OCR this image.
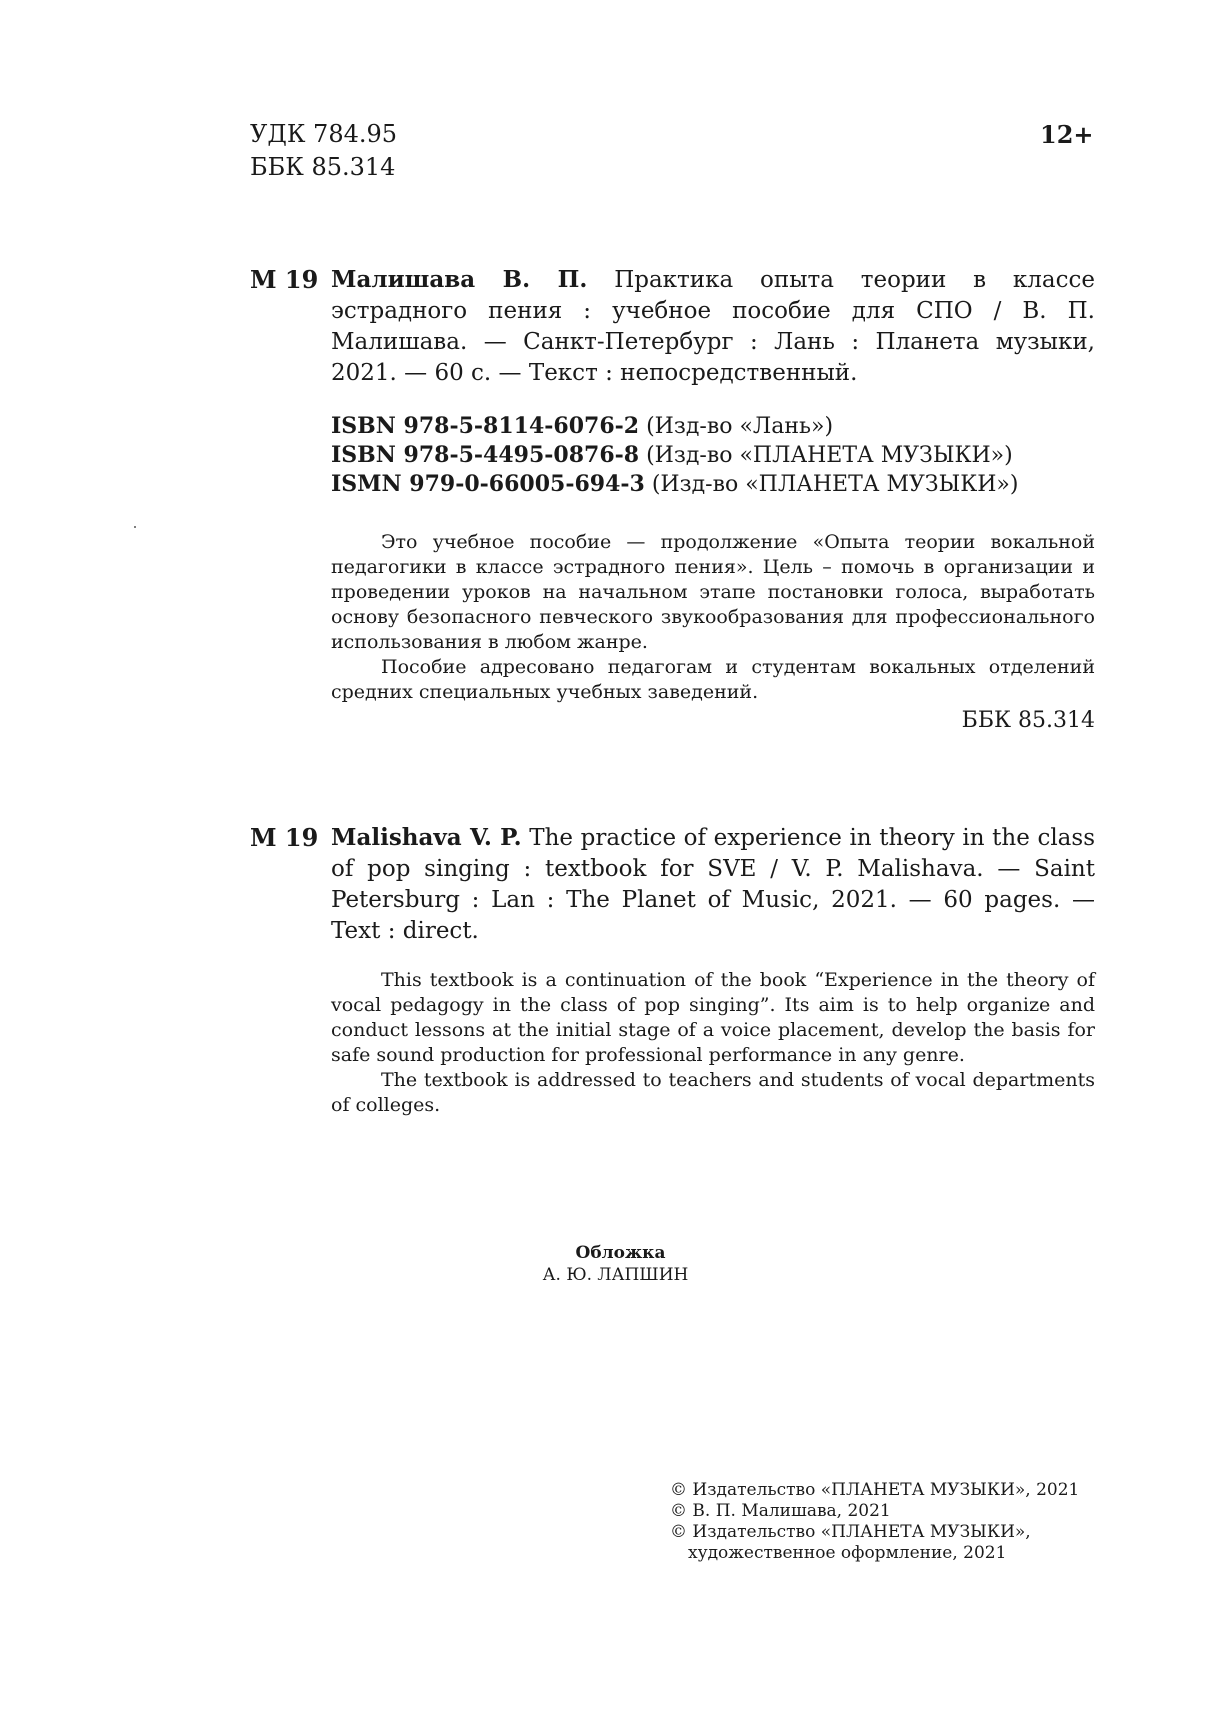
УДК 784.95
ББК 85.314
12+
М 19 Малишава В. П. Практика опыта теории в классе эстрадного пения : учебное пособие для СПО / В. П. Малишава. — Санкт-Петербург : Лань : Планета музыки, 2021. — 60 с. — Текст : непосредственный.
ISBN 978-5-8114-6076-2 (Изд-во «Лань»)
ISBN 978-5-4495-0876-8 (Изд-во «ПЛАНЕТА МУЗЫКИ»)
ISMN 979-0-66005-694-3 (Изд-во «ПЛАНЕТА МУЗЫКИ»)

Это учебное пособие — продолжение «Опыта теории вокальной педагогики в классе эстрадного пения». Цель – помочь в организации и проведении уроков на начальном этапе постановки голоса, выработать основу безопасного певческого звукообразования для профессионального использования в любом жанре.

Пособие адресовано педагогам и студентам вокальных отделений средних специальных учебных заведений.

ББК 85.314
М 19 Malishava V. P. The practice of experience in theory in the class of pop singing : textbook for SVE / V. P. Malishava. — Saint Petersburg : Lan : The Planet of Music, 2021. — 60 pages. — Text : direct.

This textbook is a continuation of the book “Experience in the theory of vocal pedagogy in the class of pop singing”. Its aim is to help organize and conduct lessons at the initial stage of a voice placement, develop the basis for safe sound production for professional performance in any genre.

The textbook is addressed to teachers and students of vocal departments of colleges.

Обложка
А. Ю. ЛАПШИН
© Издательство «ПЛАНЕТА МУЗЫКИ», 2021
© В. П. Малишава, 2021
© Издательство «ПЛАНЕТА МУЗЫКИ»,
художественное оформление, 2021
